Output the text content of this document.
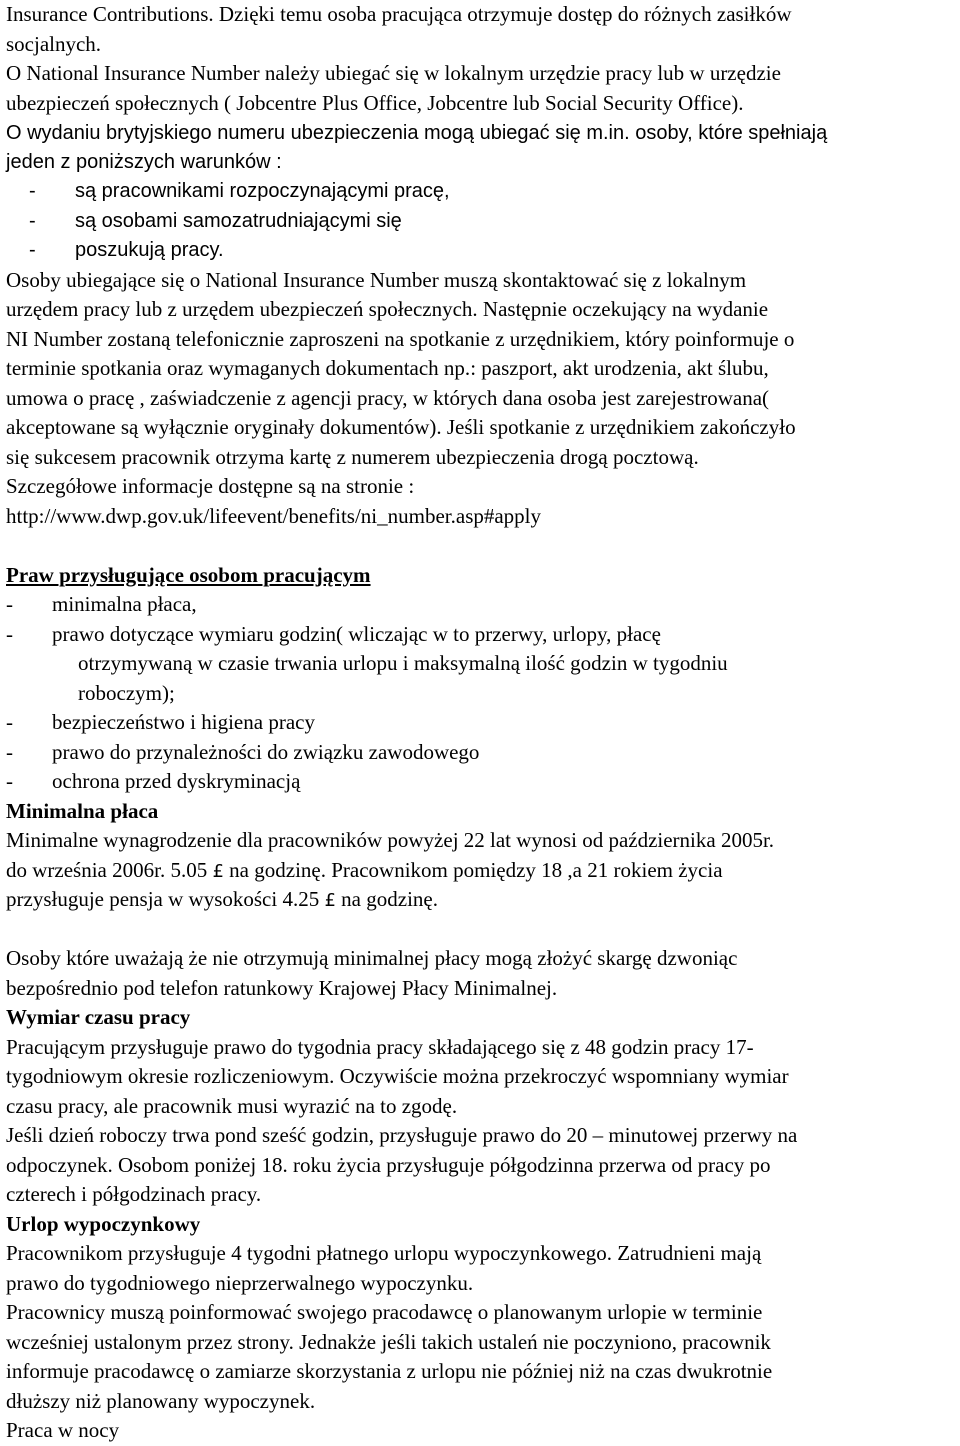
Insurance Contributions. Dzięki temu osoba pracująca otrzymuje dostęp do różnych zasiłków
socjalnych.
O National Insurance Number należy ubiegać się w lokalnym urzędzie pracy lub w urzędzie
ubezpieczeń społecznych ( Jobcentre Plus Office, Jobcentre lub Social Security Office).
O wydaniu brytyjskiego numeru ubezpieczenia mogą ubiegać się m.in. osoby, które spełniają
jeden z poniższych warunków :
- są pracownikami rozpoczynającymi pracę,
- są osobami samozatrudniającymi się
- poszukują pracy.
Osoby ubiegające się o National Insurance Number muszą skontaktować się z lokalnym
urzędem pracy lub z urzędem ubezpieczeń społecznych. Następnie oczekujący na wydanie
NI Number zostaną telefonicznie zaproszeni na spotkanie z urzędnikiem, który poinformuje o
terminie spotkania oraz wymaganych dokumentach np.: paszport, akt urodzenia, akt ślubu,
umowa o pracę , zaświadczenie z agencji pracy, w których dana osoba jest zarejestrowana(
akceptowane są wyłącznie oryginały dokumentów). Jeśli spotkanie z urzędnikiem zakończyło
się sukcesem pracownik otrzyma kartę z numerem ubezpieczenia drogą pocztową.
Szczegółowe informacje dostępne są na stronie :
http://www.dwp.gov.uk/lifeevent/benefits/ni_number.asp#apply
Praw przysługujące osobom pracującym
- minimalna płaca,
- prawo dotyczące wymiaru godzin( wliczając w to przerwy, urlopy, płacę
otrzymywaną w czasie trwania urlopu i maksymalną ilość godzin w tygodniu
roboczym);
- bezpieczeństwo i higiena pracy
- prawo do przynależności do związku zawodowego
- ochrona przed dyskryminacją
Minimalna płaca
Minimalne wynagrodzenie dla pracowników powyżej 22 lat wynosi od października 2005r.
do września 2006r. 5.05 £ na godzinę. Pracownikom pomiędzy 18 ,a 21 rokiem życia
przysługuje pensja w wysokości 4.25 £ na godzinę.
Osoby które uważają że nie otrzymują minimalnej płacy mogą złożyć skargę dzwoniąc
bezpośrednio pod telefon ratunkowy Krajowej Płacy Minimalnej.
Wymiar czasu pracy
Pracującym przysługuje prawo do tygodnia pracy składającego się z 48 godzin pracy 17-
tygodniowym okresie rozliczeniowym. Oczywiście można przekroczyć wspomniany wymiar
czasu pracy, ale pracownik musi wyrazić na to zgodę.
Jeśli dzień roboczy trwa pond sześć godzin, przysługuje prawo do 20 – minutowej przerwy na
odpoczynek. Osobom poniżej 18. roku życia przysługuje półgodzinna przerwa od pracy po
czterech i półgodzinach pracy.
Urlop wypoczynkowy
Pracownikom przysługuje 4 tygodni płatnego urlopu wypoczynkowego. Zatrudnieni mają
prawo do tygodniowego nieprzerwalnego wypoczynku.
Pracownicy muszą poinformować swojego pracodawcę o planowanym urlopie w terminie
wcześniej ustalonym przez strony. Jednakże jeśli takich ustaleń nie poczyniono, pracownik
informuje pracodawcę o zamiarze skorzystania z urlopu nie później niż na czas dwukrotnie
dłuższy niż planowany wypoczynek.
Praca w nocy
